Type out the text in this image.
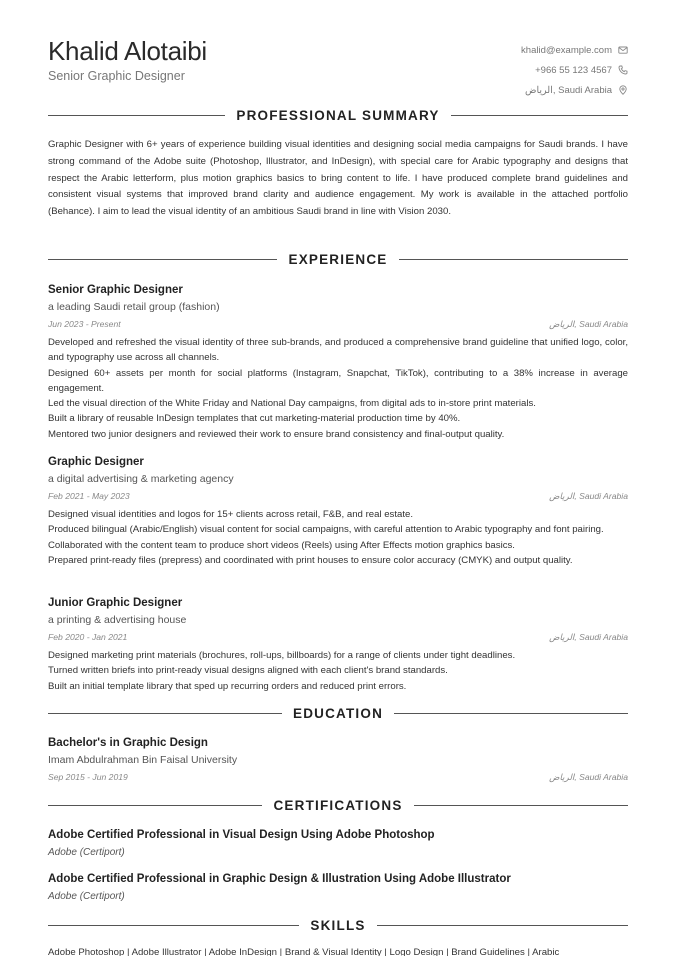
Khalid Alotaibi
Senior Graphic Designer
khalid@example.com
+966 55 123 4567
الرياض, Saudi Arabia
PROFESSIONAL SUMMARY
Graphic Designer with 6+ years of experience building visual identities and designing social media campaigns for Saudi brands. I have strong command of the Adobe suite (Photoshop, Illustrator, and InDesign), with special care for Arabic typography and designs that respect the Arabic letterform, plus motion graphics basics to bring content to life. I have produced complete brand guidelines and consistent visual systems that improved brand clarity and audience engagement. My work is available in the attached portfolio (Behance). I aim to lead the visual identity of an ambitious Saudi brand in line with Vision 2030.
EXPERIENCE
Senior Graphic Designer
a leading Saudi retail group (fashion)
Jun 2023 - Present	الرياض, Saudi Arabia
Developed and refreshed the visual identity of three sub-brands, and produced a comprehensive brand guideline that unified logo, color, and typography use across all channels.
Designed 60+ assets per month for social platforms (Instagram, Snapchat, TikTok), contributing to a 38% increase in average engagement.
Led the visual direction of the White Friday and National Day campaigns, from digital ads to in-store print materials.
Built a library of reusable InDesign templates that cut marketing-material production time by 40%.
Mentored two junior designers and reviewed their work to ensure brand consistency and final-output quality.
Graphic Designer
a digital advertising & marketing agency
Feb 2021 - May 2023	الرياض, Saudi Arabia
Designed visual identities and logos for 15+ clients across retail, F&B, and real estate.
Produced bilingual (Arabic/English) visual content for social campaigns, with careful attention to Arabic typography and font pairing.
Collaborated with the content team to produce short videos (Reels) using After Effects motion graphics basics.
Prepared print-ready files (prepress) and coordinated with print houses to ensure color accuracy (CMYK) and output quality.
Junior Graphic Designer
a printing & advertising house
Feb 2020 - Jan 2021	الرياض, Saudi Arabia
Designed marketing print materials (brochures, roll-ups, billboards) for a range of clients under tight deadlines.
Turned written briefs into print-ready visual designs aligned with each client's brand standards.
Built an initial template library that sped up recurring orders and reduced print errors.
EDUCATION
Bachelor's in Graphic Design
Imam Abdulrahman Bin Faisal University
Sep 2015 - Jun 2019	الرياض, Saudi Arabia
CERTIFICATIONS
Adobe Certified Professional in Visual Design Using Adobe Photoshop
Adobe (Certiport)
Adobe Certified Professional in Graphic Design & Illustration Using Adobe Illustrator
Adobe (Certiport)
SKILLS
Adobe Photoshop | Adobe Illustrator | Adobe InDesign | Brand & Visual Identity | Logo Design | Brand Guidelines | Arabic
